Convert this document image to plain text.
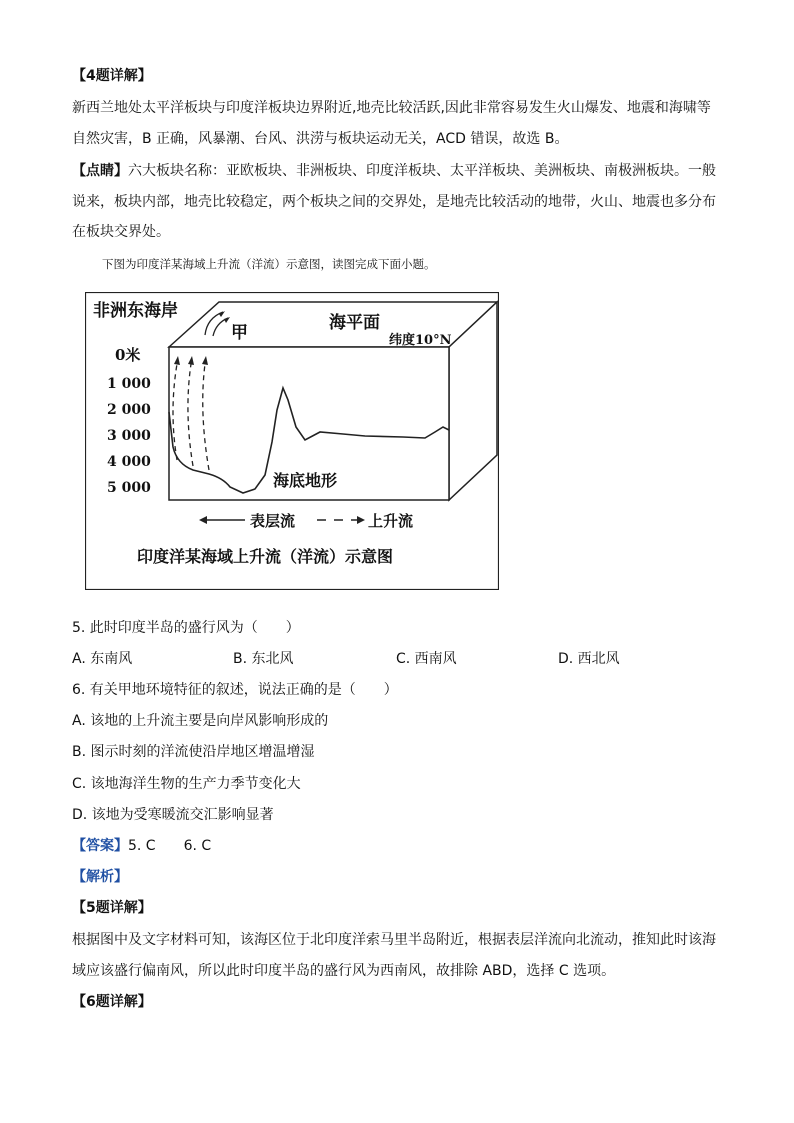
【4题详解】
新西兰地处太平洋板块与印度洋板块边界附近,地壳比较活跃,因此非常容易发生火山爆发、地震和海啸等
自然灾害，B 正确，风暴潮、台风、洪涝与板块运动无关，ACD 错误，故选 B。
【点睛】六大板块名称：亚欧板块、非洲板块、印度洋板块、太平洋板块、美洲板块、南极洲板块。一般
说来，板块内部，地壳比较稳定，两个板块之间的交界处，是地壳比较活动的地带，火山、地震也多分布
在板块交界处。
下图为印度洋某海域上升流（洋流）示意图，读图完成下面小题。
非洲东海岸
甲	海平面
纬度10°N
0米
1 000
2 000
3 000
4 000
5 000	海底地形
表层流	上升流
印度洋某海域上升流（洋流）示意图
5. 此时印度半岛的盛行风为（　　）
A. 东南风	B. 东北风	C. 西南风	D. 西北风
6. 有关甲地环境特征的叙述，说法正确的是（　　）
A. 该地的上升流主要是向岸风影响形成的
B. 图示时刻的洋流使沿岸地区增温增湿
C. 该地海洋生物的生产力季节变化大
D. 该地为受寒暖流交汇影响显著
【答案】5. C　　6. C
【解析】
【5题详解】
根据图中及文字材料可知，该海区位于北印度洋索马里半岛附近，根据表层洋流向北流动，推知此时该海
域应该盛行偏南风，所以此时印度半岛的盛行风为西南风，故排除 ABD，选择 C 选项。
【6题详解】
